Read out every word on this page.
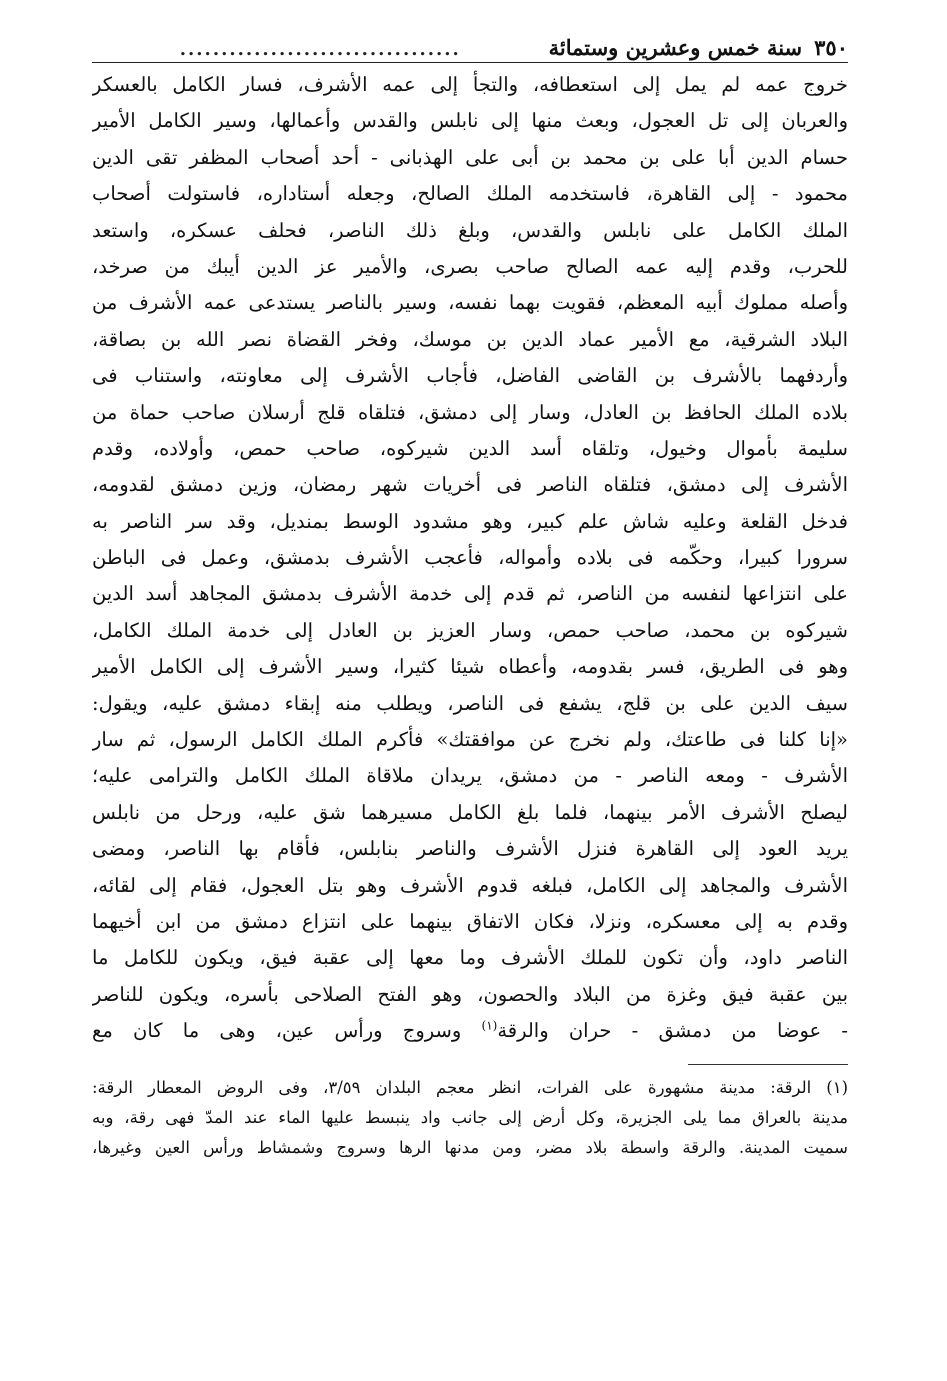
٣٥٠
سنة خمس وعشرين وستمائة
..................................
خروج عمه لم يمل إلى استعطافه، والتجأ إلى عمه الأشرف، فسار الكامل بالعسكر
والعربان إلى تل العجول، وبعث منها إلى نابلس والقدس وأعمالها، وسير الكامل الأمير
حسام الدين أبا على بن محمد بن أبى على الهذبانى - أحد أصحاب المظفر تقى الدين
محمود - إلى القاهرة، فاستخدمه الملك الصالح، وجعله أستاداره، فاستولت أصحاب
الملك الكامل على نابلس والقدس، وبلغ ذلك الناصر، فحلف عسكره، واستعد
للحرب، وقدم إليه عمه الصالح صاحب بصرى، والأمير عز الدين أيبك من صرخد،
وأصله مملوك أبيه المعظم، فقويت بهما نفسه، وسير بالناصر يستدعى عمه الأشرف من
البلاد الشرقية، مع الأمير عماد الدين بن موسك، وفخر القضاة نصر الله بن بصاقة،
وأردفهما بالأشرف بن القاضى الفاضل، فأجاب الأشرف إلى معاونته، واستناب فى
بلاده الملك الحافظ بن العادل، وسار إلى دمشق، فتلقاه قلج أرسلان صاحب حماة من
سليمة بأموال وخيول، وتلقاه أسد الدين شيركوه، صاحب حمص، وأولاده، وقدم
الأشرف إلى دمشق، فتلقاه الناصر فى أخريات شهر رمضان، وزين دمشق لقدومه،
فدخل القلعة وعليه شاش علم كبير، وهو مشدود الوسط بمنديل، وقد سر الناصر به
سرورا كبيرا، وحكّمه فى بلاده وأمواله، فأعجب الأشرف بدمشق، وعمل فى الباطن
على انتزاعها لنفسه من الناصر، ثم قدم إلى خدمة الأشرف بدمشق المجاهد أسد الدين
شيركوه بن محمد، صاحب حمص، وسار العزيز بن العادل إلى خدمة الملك الكامل،
وهو فى الطريق، فسر بقدومه، وأعطاه شيئا كثيرا، وسير الأشرف إلى الكامل الأمير
سيف الدين على بن قلج، يشفع فى الناصر، ويطلب منه إبقاء دمشق عليه، ويقول:
«إنا كلنا فى طاعتك، ولم نخرج عن موافقتك» فأكرم الملك الكامل الرسول، ثم سار
الأشرف - ومعه الناصر - من دمشق، يريدان ملاقاة الملك الكامل والترامى عليه؛
ليصلح الأشرف الأمر بينهما، فلما بلغ الكامل مسيرهما شق عليه، ورحل من نابلس
يريد العود إلى القاهرة فنزل الأشرف والناصر بنابلس، فأقام بها الناصر، ومضى
الأشرف والمجاهد إلى الكامل، فبلغه قدوم الأشرف وهو بتل العجول، فقام إلى لقائه،
وقدم به إلى معسكره، ونزلا، فكان الاتفاق بينهما على انتزاع دمشق من ابن أخيهما
الناصر داود، وأن تكون للملك الأشرف وما معها إلى عقبة فيق، ويكون للكامل ما
بين عقبة فيق وغزة من البلاد والحصون، وهو الفتح الصلاحى بأسره، ويكون للناصر
- عوضا من دمشق - حران والرقة$^{(١)}$ وسروج ورأس عين، وهى ما كان مع
(١) الرقة: مدينة مشهورة على الفرات، انظر معجم البلدان ٣/٥٩، وفى الروض المعطار الرقة:
مدينة بالعراق مما يلى الجزيرة، وكل أرض إلى جانب واد ينبسط عليها الماء عند المدّ فهى رقة، وبه
سميت المدينة. والرقة واسطة بلاد مضر، ومن مدنها الرها وسروج وشمشاط ورأس العين وغيرها،
